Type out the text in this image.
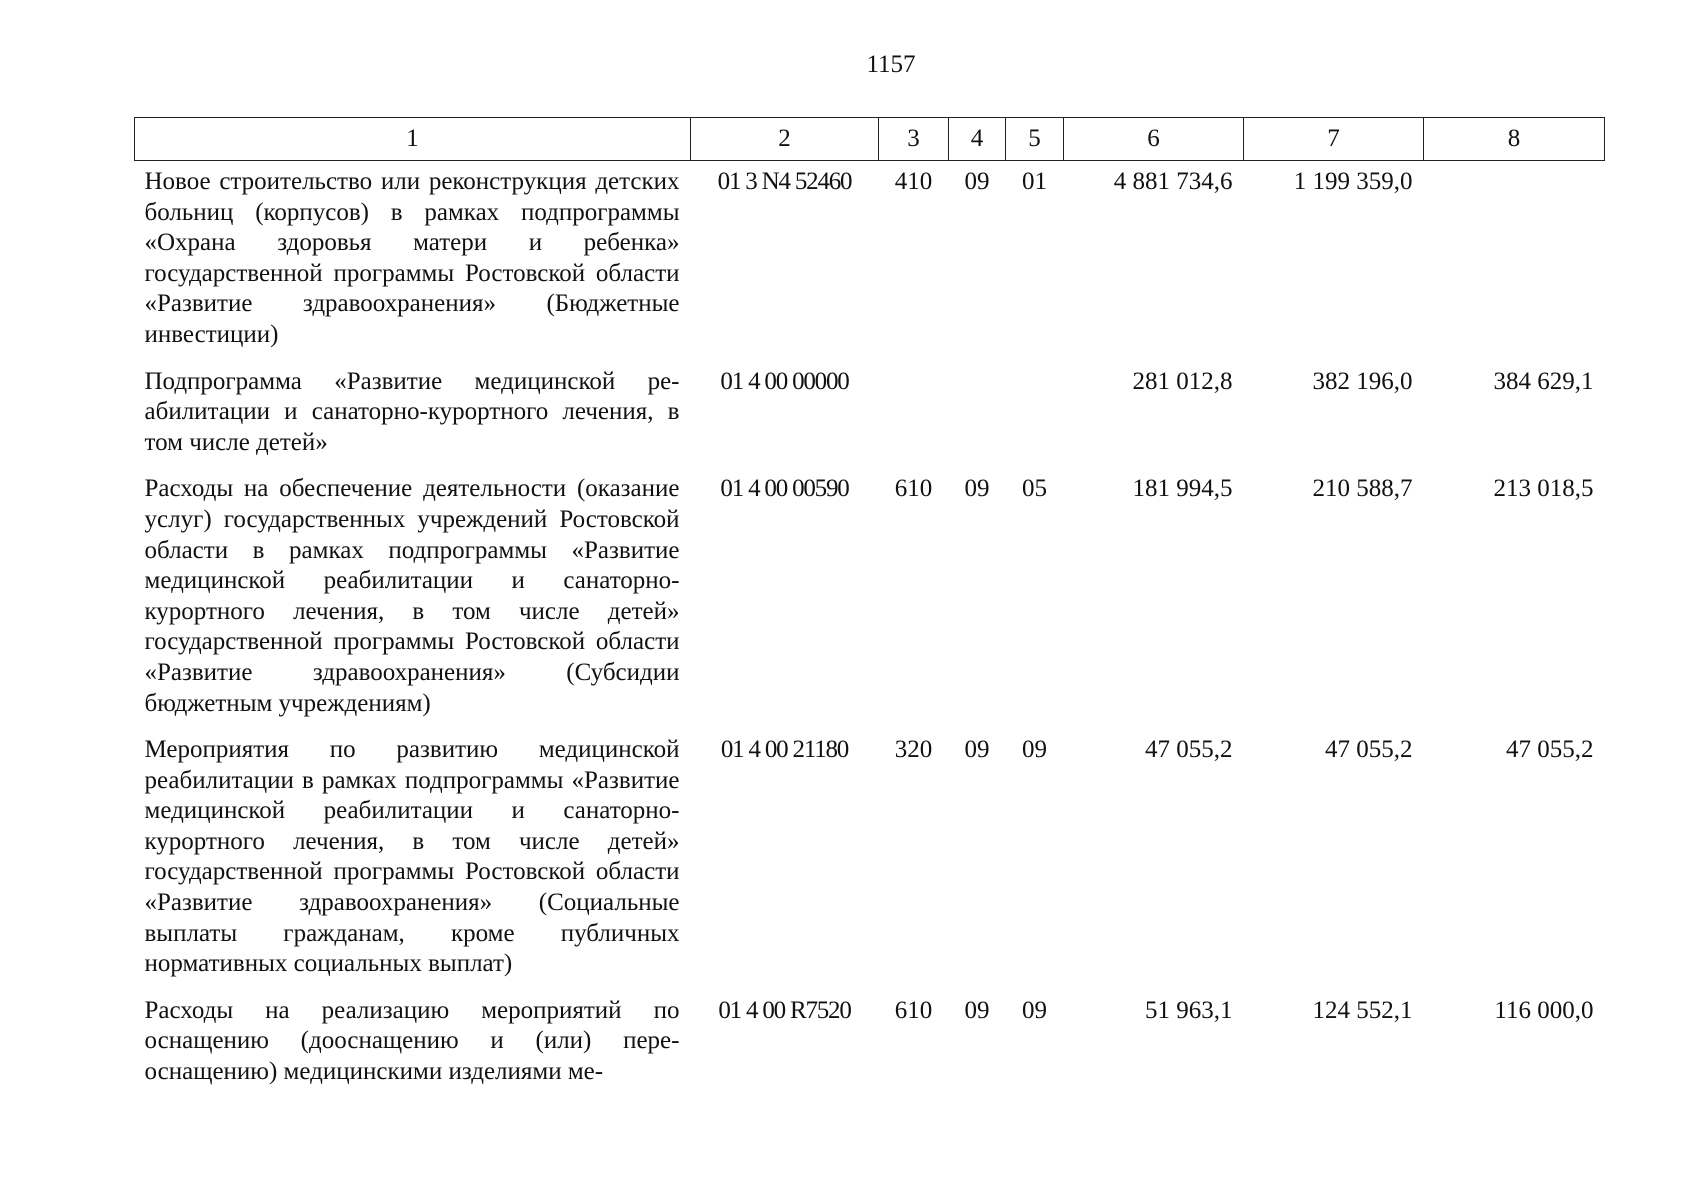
1157
1	2	3	4	5	6	7	8
Новое строительство или реконструкция детских больниц (корпусов) в рамках подпрограммы «Охрана здоровья матери и ребенка» государственной программы Ростовской области «Развитие здравоохранения» (Бюджетные инвестиции)	01 3 N4 52460	410	09	01	4 881 734,6	1 199 359,0	
Подпрограмма «Развитие медицинской реабилитации и санаторно-курортного лечения, в том числе детей»	01 4 00 00000				281 012,8	382 196,0	384 629,1
Расходы на обеспечение деятельности (оказание услуг) государственных учреждений Ростовской области в рамках подпрограммы «Развитие медицинской реабилитации и санаторно-курортного лечения, в том числе детей» государственной программы Ростовской области «Развитие здравоохранения» (Субсидии бюджетным учреждениям)	01 4 00 00590	610	09	05	181 994,5	210 588,7	213 018,5
Мероприятия по развитию медицинской реабилитации в рамках подпрограммы «Развитие медицинской реабилитации и санаторно-курортного лечения, в том числе детей» государственной программы Ростовской области «Развитие здравоохранения» (Социальные выплаты гражданам, кроме публичных нормативных социальных выплат)	01 4 00 21180	320	09	09	47 055,2	47 055,2	47 055,2
Расходы на реализацию мероприятий по оснащению (дооснащению и (или) переоснащению) медицинскими изделиями ме-	01 4 00 R7520	610	09	09	51 963,1	124 552,1	116 000,0
